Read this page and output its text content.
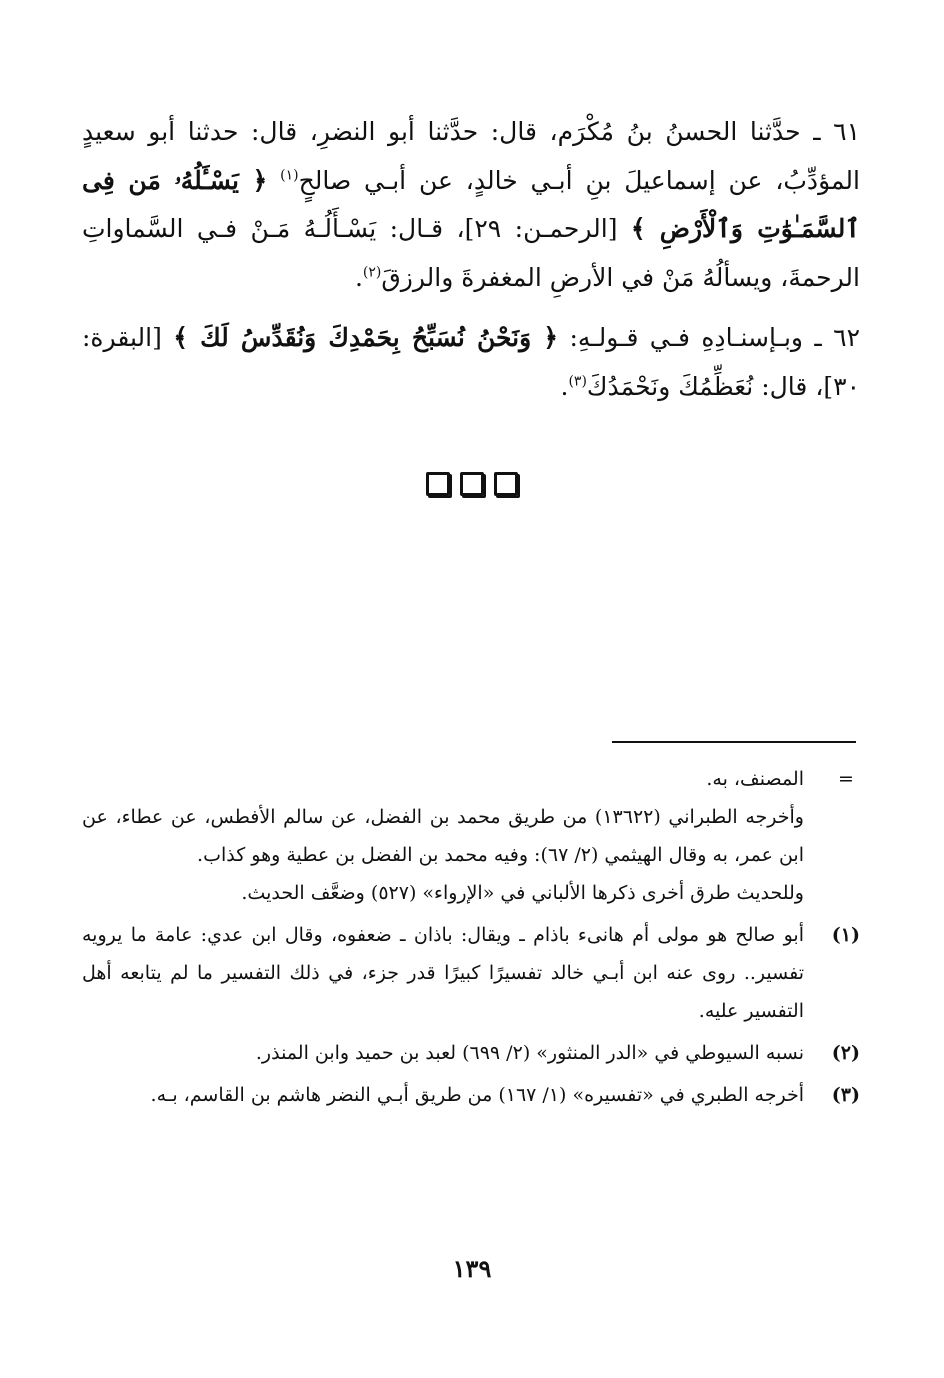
٦١ ـ حدَّثنا الحسنُ بنُ مُكْرَم، قال: حدَّثنا أبو النضرِ، قال: حدثنا أبو سعيدٍ المؤدِّبُ، عن إسماعيلَ بنِ أبـي خالدٍ، عن أبـي صالحٍ$^{(١)}$ ﴿ يَسْـَٔلُهُۥ مَن فِى ٱلسَّمَـٰوَٰتِ وَٱلْأَرْضِ ﴾ [الرحمـن: ٢٩]، قـال: يَسْـأَلُـهُ مَـنْ فـي السَّماواتِ الرحمةَ، ويسألُهُ مَنْ في الأرضِ المغفرةَ والرزقَ$^{(٢)}$.

٦٢ ـ وبـإسنـادِهِ فـي قـولـهِ: ﴿ وَنَحْنُ نُسَبِّحُ بِحَمْدِكَ وَنُقَدِّسُ لَكَ ﴾ [البقرة: ٣٠]، قال: نُعَظِّمُكَ ونَحْمَدُكَ$^{(٣)}$.

=

المصنف، به.

وأخرجه الطبراني (١٣٦٢٢) من طريق محمد بن الفضل، عن سالم الأفطس، عن عطاء، عن ابن عمر، به وقال الهيثمي (٢/ ٦٧): وفيه محمد بن الفضل بن عطية وهو كذاب.

وللحديث طرق أخرى ذكرها الألباني في «الإرواء» (٥٢٧) وضعَّف الحديث.

(١)
أبو صالح هو مولى أم هانىء باذام ـ ويقال: باذان ـ ضعفوه، وقال ابن عدي: عامة ما يرويه تفسير.. روى عنه ابن أبـي خالد تفسيرًا كبيرًا قدر جزء، في ذلك التفسير ما لم يتابعه أهل التفسير عليه.
(٢)
نسبه السيوطي في «الدر المنثور» (٢/ ٦٩٩) لعبد بن حميد وابن المنذر.
(٣)
أخرجه الطبري في «تفسيره» (١/ ١٦٧) من طريق أبـي النضر هاشم بن القاسم، بـه.
١٣٩
